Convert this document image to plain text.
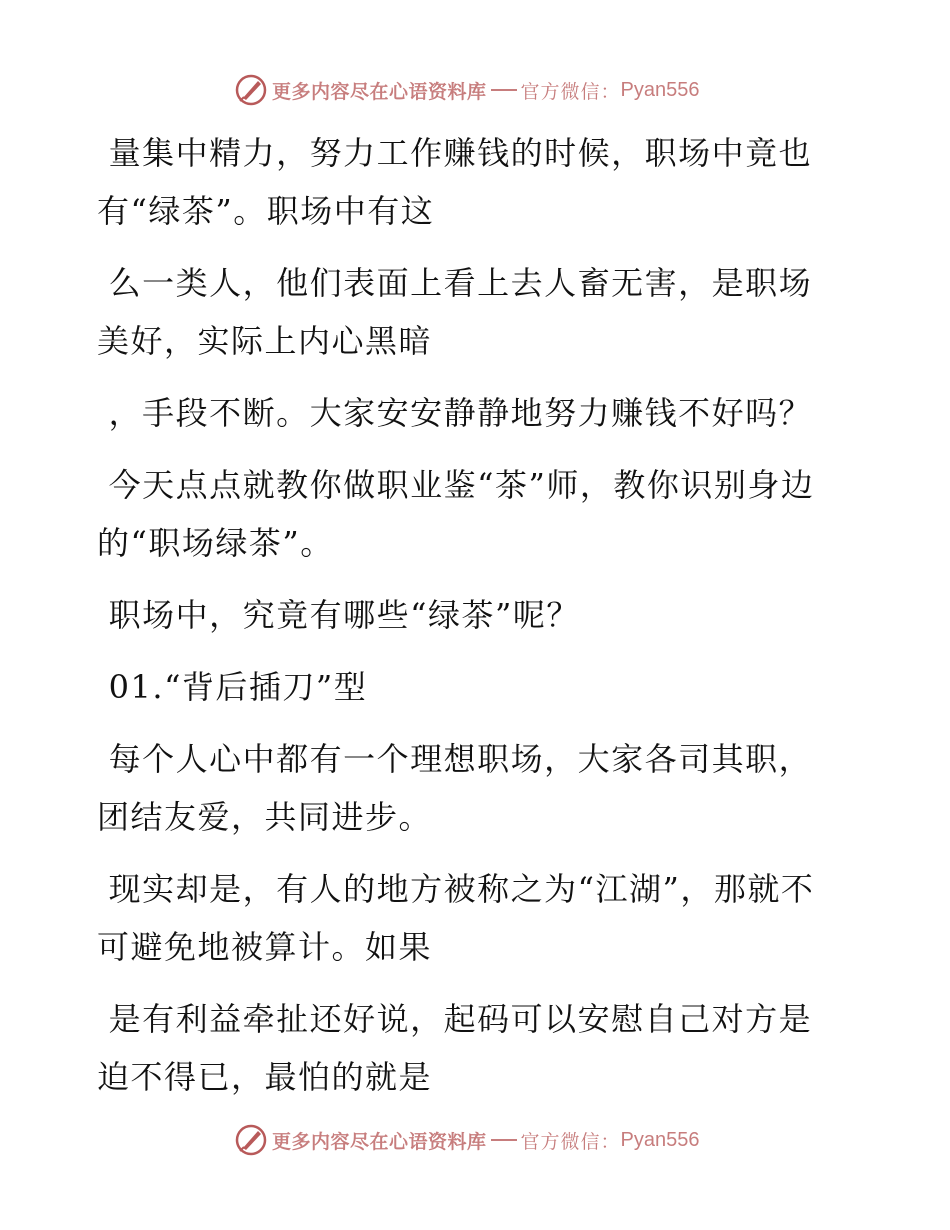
更多内容尽在心语资料库 官方微信： Pyan556

量集中精力，努力工作赚钱的时候，职场中竟也有“绿茶”。职场中有这

么一类人，他们表面上看上去人畜无害，是职场美好，实际上内心黑暗

，手段不断。大家安安静静地努力赚钱不好吗？

今天点点就教你做职业鉴“茶”师，教你识别身边的“职场绿茶”。

职场中，究竟有哪些“绿茶”呢？

01.“背后插刀”型

每个人心中都有一个理想职场，大家各司其职，团结友爱，共同进步。

现实却是，有人的地方被称之为“江湖”，那就不可避免地被算计。如果

是有利益牵扯还好说，起码可以安慰自己对方是迫不得已，最怕的就是

更多内容尽在心语资料库 官方微信： Pyan556
